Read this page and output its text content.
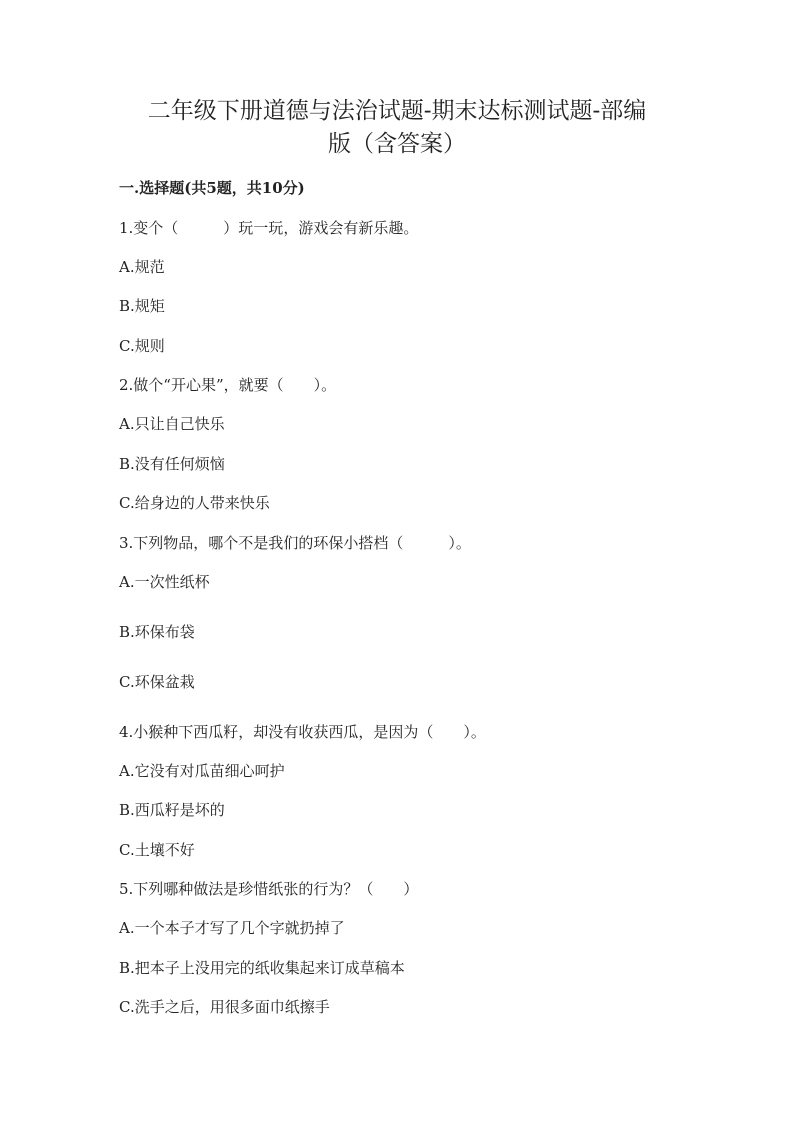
二年级下册道德与法治试题-期末达标测试题-部编
版（含答案）
一.选择题(共5题，共10分)
1.变个（　　　）玩一玩，游戏会有新乐趣。
A.规范
B.规矩
C.规则
2.做个“开心果”，就要（　　）。
A.只让自己快乐
B.没有任何烦恼
C.给身边的人带来快乐
3.下列物品，哪个不是我们的环保小搭档（　　　）。
A.一次性纸杯
B.环保布袋
C.环保盆栽
4.小猴种下西瓜籽，却没有收获西瓜，是因为（　　）。
A.它没有对瓜苗细心呵护
B.西瓜籽是坏的
C.土壤不好
5.下列哪种做法是珍惜纸张的行为？（　　）
A.一个本子才写了几个字就扔掉了
B.把本子上没用完的纸收集起来订成草稿本
C.洗手之后，用很多面巾纸擦手
